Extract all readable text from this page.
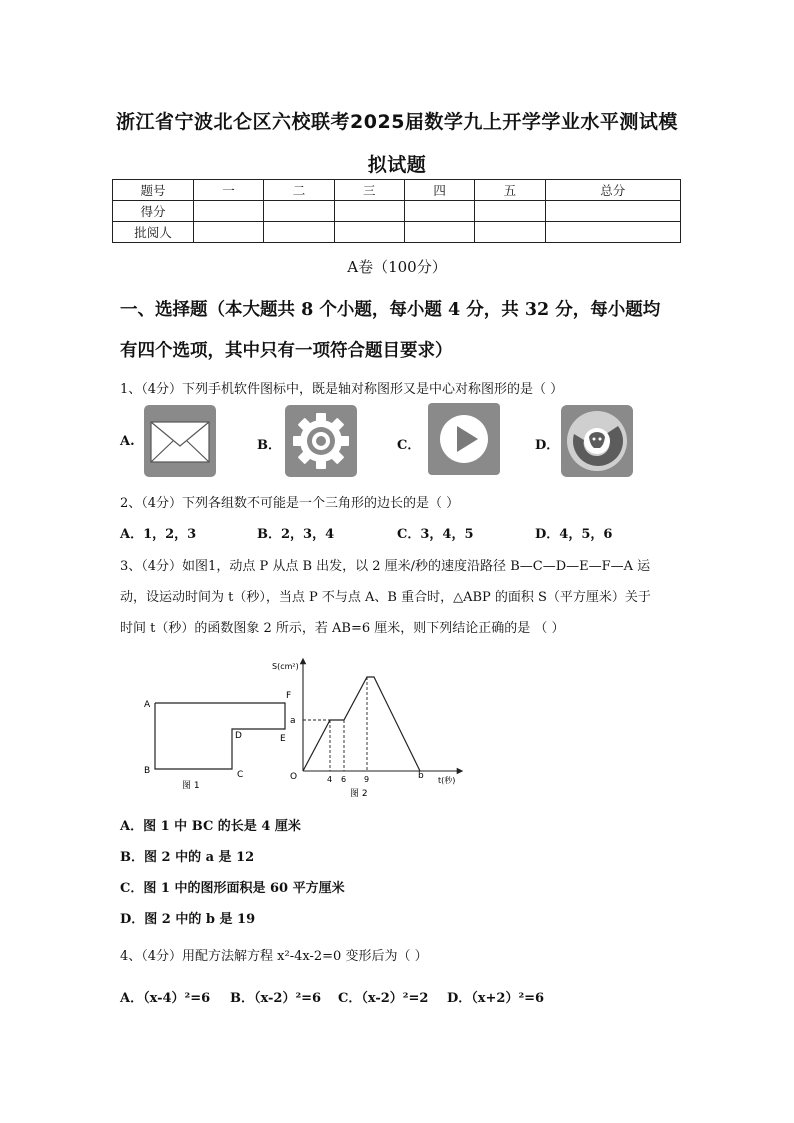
浙江省宁波北仑区六校联考2025届数学九上开学学业水平测试模
拟试题
题号	一	二	三	四	五	总分
得分						
批阅人						
A卷（100分）
一、选择题（本大题共 8 个小题，每小题 4 分，共 32 分，每小题均
有四个选项，其中只有一项符合题目要求）
1、（4分）下列手机软件图标中，既是轴对称图形又是中心对称图形的是（ ）
A.	B．	C．	D．
2、（4分）下列各组数不可能是一个三角形的边长的是（ ）
A．1，2，3	B．2，3，4	C．3，4，5	D．4，5，6
3、（4分）如图1，动点 P 从点 B 出发，以 2 厘米/秒的速度沿路径 B—C—D—E—F—A 运
动，设运动时间为 t（秒），当点 P 不与点 A、B 重合时，△ABP 的面积 S（平方厘米）关于
时间 t（秒）的函数图象 2 所示，若 AB=6 厘米，则下列结论正确的是 （ ）
A
B	C
D	E
F
图 1
S(cm²)
a
O	4 6 9	b t(秒)
图 2
A．图 1 中 BC 的长是 4 厘米
B．图 2 中的 a 是 12
C．图 1 中的图形面积是 60 平方厘米
D．图 2 中的 b 是 19
4、（4分）用配方法解方程 x²-4x-2=0 变形后为（ ）
A．（x-4）²=6 B．（x-2）²=6 C．（x-2）²=2 D．（x+2）²=6
